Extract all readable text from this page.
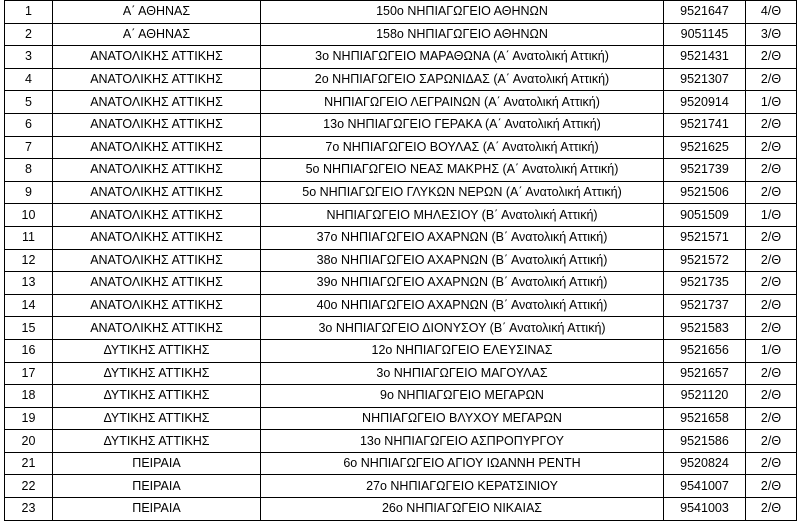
1	Α΄ ΑΘΗΝΑΣ	150ο ΝΗΠΙΑΓΩΓΕΙΟ ΑΘΗΝΩΝ	9521647	4/Θ
2	Α΄ ΑΘΗΝΑΣ	158ο ΝΗΠΙΑΓΩΓΕΙΟ ΑΘΗΝΩΝ	9051145	3/Θ
3	ΑΝΑΤΟΛΙΚΗΣ ΑΤΤΙΚΗΣ	3ο ΝΗΠΙΑΓΩΓΕΙΟ ΜΑΡΑΘΩΝΑ (Α΄ Ανατολική Αττική)	9521431	2/Θ
4	ΑΝΑΤΟΛΙΚΗΣ ΑΤΤΙΚΗΣ	2ο ΝΗΠΙΑΓΩΓΕΙΟ ΣΑΡΩΝΙΔΑΣ (Α΄ Ανατολική Αττική)	9521307	2/Θ
5	ΑΝΑΤΟΛΙΚΗΣ ΑΤΤΙΚΗΣ	ΝΗΠΙΑΓΩΓΕΙΟ ΛΕΓΡΑΙΝΩΝ (Α΄ Ανατολική Αττική)	9520914	1/Θ
6	ΑΝΑΤΟΛΙΚΗΣ ΑΤΤΙΚΗΣ	13ο ΝΗΠΙΑΓΩΓΕΙΟ ΓΕΡΑΚΑ (Α΄ Ανατολική Αττική)	9521741	2/Θ
7	ΑΝΑΤΟΛΙΚΗΣ ΑΤΤΙΚΗΣ	7ο ΝΗΠΙΑΓΩΓΕΙΟ ΒΟΥΛΑΣ (Α΄ Ανατολική Αττική)	9521625	2/Θ
8	ΑΝΑΤΟΛΙΚΗΣ ΑΤΤΙΚΗΣ	5ο ΝΗΠΙΑΓΩΓΕΙΟ ΝΕΑΣ ΜΑΚΡΗΣ (Α΄ Ανατολική Αττική)	9521739	2/Θ
9	ΑΝΑΤΟΛΙΚΗΣ ΑΤΤΙΚΗΣ	5ο ΝΗΠΙΑΓΩΓΕΙΟ ΓΛΥΚΩΝ ΝΕΡΩΝ (Α΄ Ανατολική Αττική)	9521506	2/Θ
10	ΑΝΑΤΟΛΙΚΗΣ ΑΤΤΙΚΗΣ	ΝΗΠΙΑΓΩΓΕΙΟ ΜΗΛΕΣΙΟΥ (Β΄ Ανατολική Αττική)	9051509	1/Θ
11	ΑΝΑΤΟΛΙΚΗΣ ΑΤΤΙΚΗΣ	37ο ΝΗΠΙΑΓΩΓΕΙΟ ΑΧΑΡΝΩΝ (Β΄ Ανατολική Αττική)	9521571	2/Θ
12	ΑΝΑΤΟΛΙΚΗΣ ΑΤΤΙΚΗΣ	38ο ΝΗΠΙΑΓΩΓΕΙΟ ΑΧΑΡΝΩΝ (Β΄ Ανατολική Αττική)	9521572	2/Θ
13	ΑΝΑΤΟΛΙΚΗΣ ΑΤΤΙΚΗΣ	39ο ΝΗΠΙΑΓΩΓΕΙΟ ΑΧΑΡΝΩΝ (Β΄ Ανατολική Αττική)	9521735	2/Θ
14	ΑΝΑΤΟΛΙΚΗΣ ΑΤΤΙΚΗΣ	40ο ΝΗΠΙΑΓΩΓΕΙΟ ΑΧΑΡΝΩΝ (Β΄ Ανατολική Αττική)	9521737	2/Θ
15	ΑΝΑΤΟΛΙΚΗΣ ΑΤΤΙΚΗΣ	3ο ΝΗΠΙΑΓΩΓΕΙΟ ΔΙΟΝΥΣΟΥ (Β΄ Ανατολική Αττική)	9521583	2/Θ
16	ΔΥΤΙΚΗΣ ΑΤΤΙΚΗΣ	12ο ΝΗΠΙΑΓΩΓΕΙΟ ΕΛΕΥΣΙΝΑΣ	9521656	1/Θ
17	ΔΥΤΙΚΗΣ ΑΤΤΙΚΗΣ	3ο ΝΗΠΙΑΓΩΓΕΙΟ ΜΑΓΟΥΛΑΣ	9521657	2/Θ
18	ΔΥΤΙΚΗΣ ΑΤΤΙΚΗΣ	9ο ΝΗΠΙΑΓΩΓΕΙΟ ΜΕΓΑΡΩΝ	9521120	2/Θ
19	ΔΥΤΙΚΗΣ ΑΤΤΙΚΗΣ	ΝΗΠΙΑΓΩΓΕΙΟ ΒΛΥΧΟΥ ΜΕΓΑΡΩΝ	9521658	2/Θ
20	ΔΥΤΙΚΗΣ ΑΤΤΙΚΗΣ	13ο ΝΗΠΙΑΓΩΓΕΙΟ ΑΣΠΡΟΠΥΡΓΟΥ	9521586	2/Θ
21	ΠΕΙΡΑΙΑ	6ο ΝΗΠΙΑΓΩΓΕΙΟ ΑΓΙΟΥ ΙΩΑΝΝΗ ΡΕΝΤΗ	9520824	2/Θ
22	ΠΕΙΡΑΙΑ	27ο ΝΗΠΙΑΓΩΓΕΙΟ ΚΕΡΑΤΣΙΝΙΟΥ	9541007	2/Θ
23	ΠΕΙΡΑΙΑ	26ο ΝΗΠΙΑΓΩΓΕΙΟ ΝΙΚΑΙΑΣ	9541003	2/Θ
